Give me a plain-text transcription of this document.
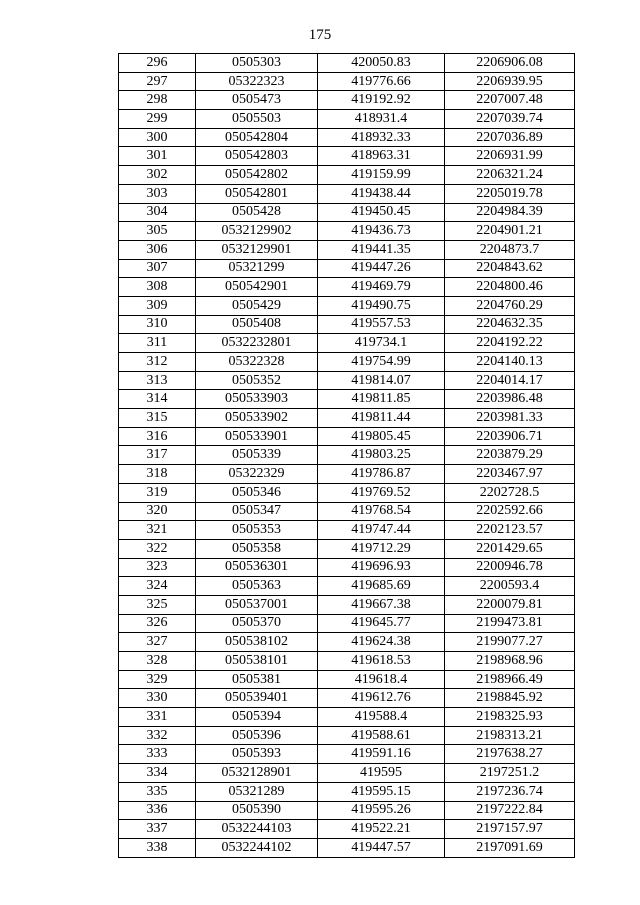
175
296	0505303	420050.83	2206906.08
297	05322323	419776.66	2206939.95
298	0505473	419192.92	2207007.48
299	0505503	418931.4	2207039.74
300	050542804	418932.33	2207036.89
301	050542803	418963.31	2206931.99
302	050542802	419159.99	2206321.24
303	050542801	419438.44	2205019.78
304	0505428	419450.45	2204984.39
305	0532129902	419436.73	2204901.21
306	0532129901	419441.35	2204873.7
307	05321299	419447.26	2204843.62
308	050542901	419469.79	2204800.46
309	0505429	419490.75	2204760.29
310	0505408	419557.53	2204632.35
311	0532232801	419734.1	2204192.22
312	05322328	419754.99	2204140.13
313	0505352	419814.07	2204014.17
314	050533903	419811.85	2203986.48
315	050533902	419811.44	2203981.33
316	050533901	419805.45	2203906.71
317	0505339	419803.25	2203879.29
318	05322329	419786.87	2203467.97
319	0505346	419769.52	2202728.5
320	0505347	419768.54	2202592.66
321	0505353	419747.44	2202123.57
322	0505358	419712.29	2201429.65
323	050536301	419696.93	2200946.78
324	0505363	419685.69	2200593.4
325	050537001	419667.38	2200079.81
326	0505370	419645.77	2199473.81
327	050538102	419624.38	2199077.27
328	050538101	419618.53	2198968.96
329	0505381	419618.4	2198966.49
330	050539401	419612.76	2198845.92
331	0505394	419588.4	2198325.93
332	0505396	419588.61	2198313.21
333	0505393	419591.16	2197638.27
334	0532128901	419595	2197251.2
335	05321289	419595.15	2197236.74
336	0505390	419595.26	2197222.84
337	0532244103	419522.21	2197157.97
338	0532244102	419447.57	2197091.69
